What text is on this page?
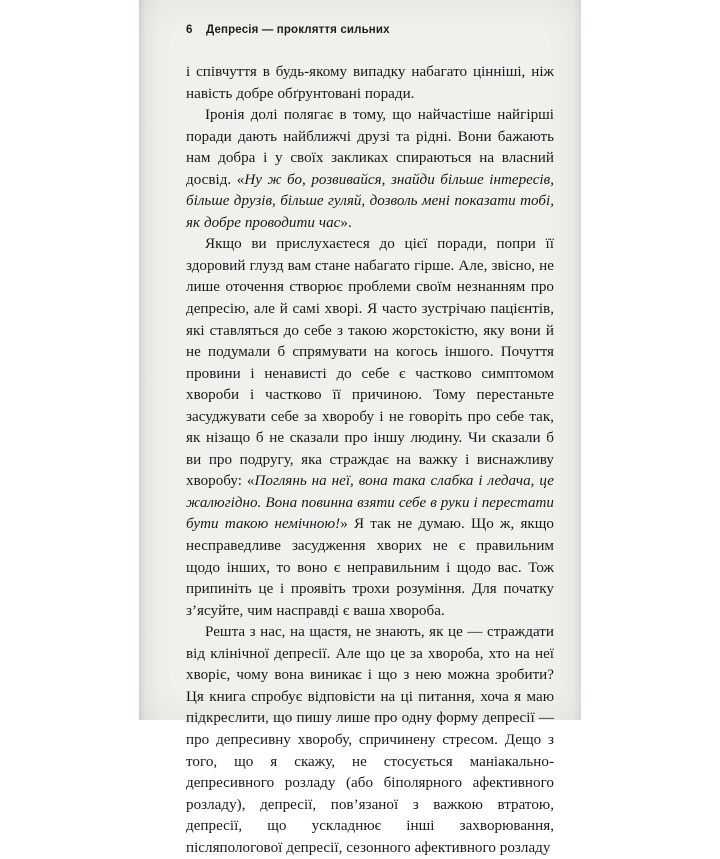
6 Депресія — прокляття сильних

і співчуття в будь-якому випадку набагато цінніші, ніж навість добре обґрунтовані поради.

Іронія долі полягає в тому, що найчастіше найгірші поради дають найближчі друзі та рідні. Вони бажають нам добра і у своїх закликах спираються на власний досвід. «Ну ж бо, розвивайся, знайди більше інтересів, більше друзів, більше гуляй, дозволь мені показати тобі, як добре проводити час».

Якщо ви прислухаєтеся до цієї поради, попри її здоровий глузд вам стане набагато гірше. Але, звісно, не лише оточення створює проблеми своїм незнанням про депресію, але й самі хворі. Я часто зустрічаю пацієнтів, які ставляться до себе з такою жорстокістю, яку вони й не подумали б спрямувати на когось іншого. Почуття провини і ненависті до себе є частково симптомом хвороби і частково її причиною. Тому перестаньте засуджувати себе за хворобу і не говоріть про себе так, як нізащо б не сказали про іншу людину. Чи сказали б ви про подругу, яка страждає на важку і виснажливу хворобу: «Поглянь на неї, вона така слабка і ледача, це жалюгідно. Вона повинна взяти себе в руки і перестати бути такою немічною!» Я так не думаю. Що ж, якщо несправедливе засудження хворих не є правильним щодо інших, то воно є неправильним і щодо вас. Тож припиніть це і проявіть трохи розуміння. Для початку з’ясуйте, чим насправді є ваша хвороба.

Решта з нас, на щастя, не знають, як це — страждати від клінічної депресії. Але що це за хвороба, хто на неї хворіє, чому вона виникає і що з нею можна зробити? Ця книга спробує відповісти на ці питання, хоча я маю підкреслити, що пишу лише про одну форму депресії — про депресивну хворобу, спричинену стресом. Дещо з того, що я скажу, не стосується маніакально-депресивного розладу (або біполярного афективного розладу), депресії, пов’язаної з важкою втратою, депресії, що ускладнює інші захворювання, післяпологової депресії, сезонного афективного розладу
